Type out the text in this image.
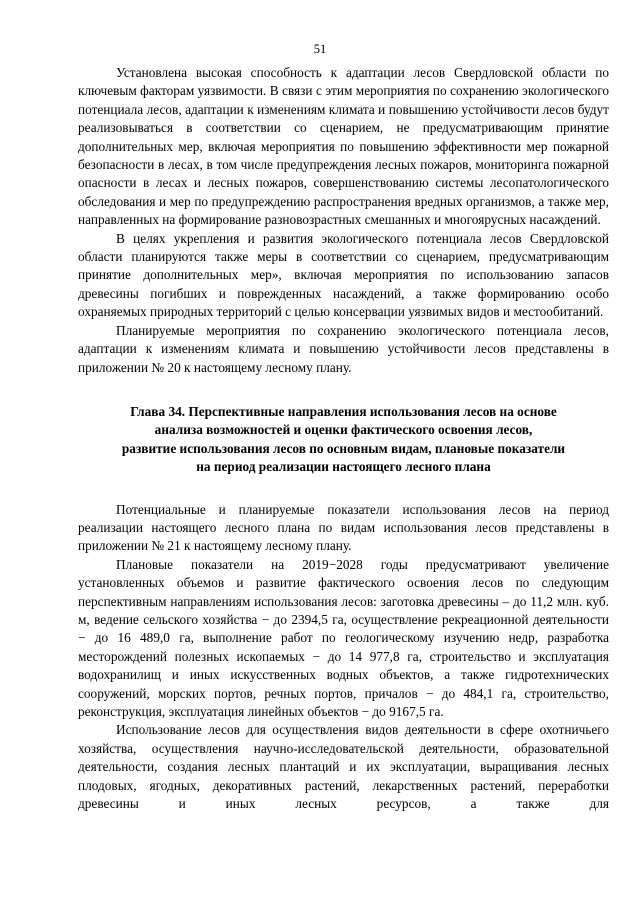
51

Установлена высокая способность к адаптации лесов Свердловской области по ключевым факторам уязвимости. В связи с этим мероприятия по сохранению экологического потенциала лесов, адаптации к изменениям климата и повышению устойчивости лесов будут реализовываться в соответствии со сценарием, не предусматривающим принятие дополнительных мер, включая мероприятия по повышению эффективности мер пожарной безопасности в лесах, в том числе предупреждения лесных пожаров, мониторинга пожарной опасности в лесах и лесных пожаров, совершенствованию системы лесопатологического обследования и мер по предупреждению распространения вредных организмов, а также мер, направленных на формирование разновозрастных смешанных и многоярусных насаждений.

В целях укрепления и развития экологического потенциала лесов Свердловской области планируются также меры в соответствии со сценарием, предусматривающим принятие дополнительных мер», включая мероприятия по использованию запасов древесины погибших и поврежденных насаждений, а также формированию особо охраняемых природных территорий с целью консервации уязвимых видов и местообитаний.

Планируемые мероприятия по сохранению экологического потенциала лесов, адаптации к изменениям климата и повышению устойчивости лесов представлены в приложении № 20 к настоящему лесному плану.

Глава 34. Перспективные направления использования лесов на основе
анализа возможностей и оценки фактического освоения лесов,
развитие использования лесов по основным видам, плановые показатели
на период реализации настоящего лесного плана

Потенциальные и планируемые показатели использования лесов на период реализации настоящего лесного плана по видам использования лесов представлены в приложении № 21 к настоящему лесному плану.

Плановые показатели на 2019−2028 годы предусматривают увеличение установленных объемов и развитие фактического освоения лесов по следующим перспективным направлениям использования лесов: заготовка древесины – до 11,2 млн. куб. м, ведение сельского хозяйства − до 2394,5 га, осуществление рекреационной деятельности − до 16 489,0 га, выполнение работ по геологическому изучению недр, разработка месторождений полезных ископаемых − до 14 977,8 га, строительство и эксплуатация водохранилищ и иных искусственных водных объектов, а также гидротехнических сооружений, морских портов, речных портов, причалов − до 484,1 га, строительство, реконструкция, эксплуатация линейных объектов − до 9167,5 га.

Использование лесов для осуществления видов деятельности в сфере охотничьего хозяйства, осуществления научно-исследовательской деятельности, образовательной деятельности, создания лесных плантаций и их эксплуатации, выращивания лесных плодовых, ягодных, декоративных растений, лекарственных растений, переработки древесины и иных лесных ресурсов, а также для
